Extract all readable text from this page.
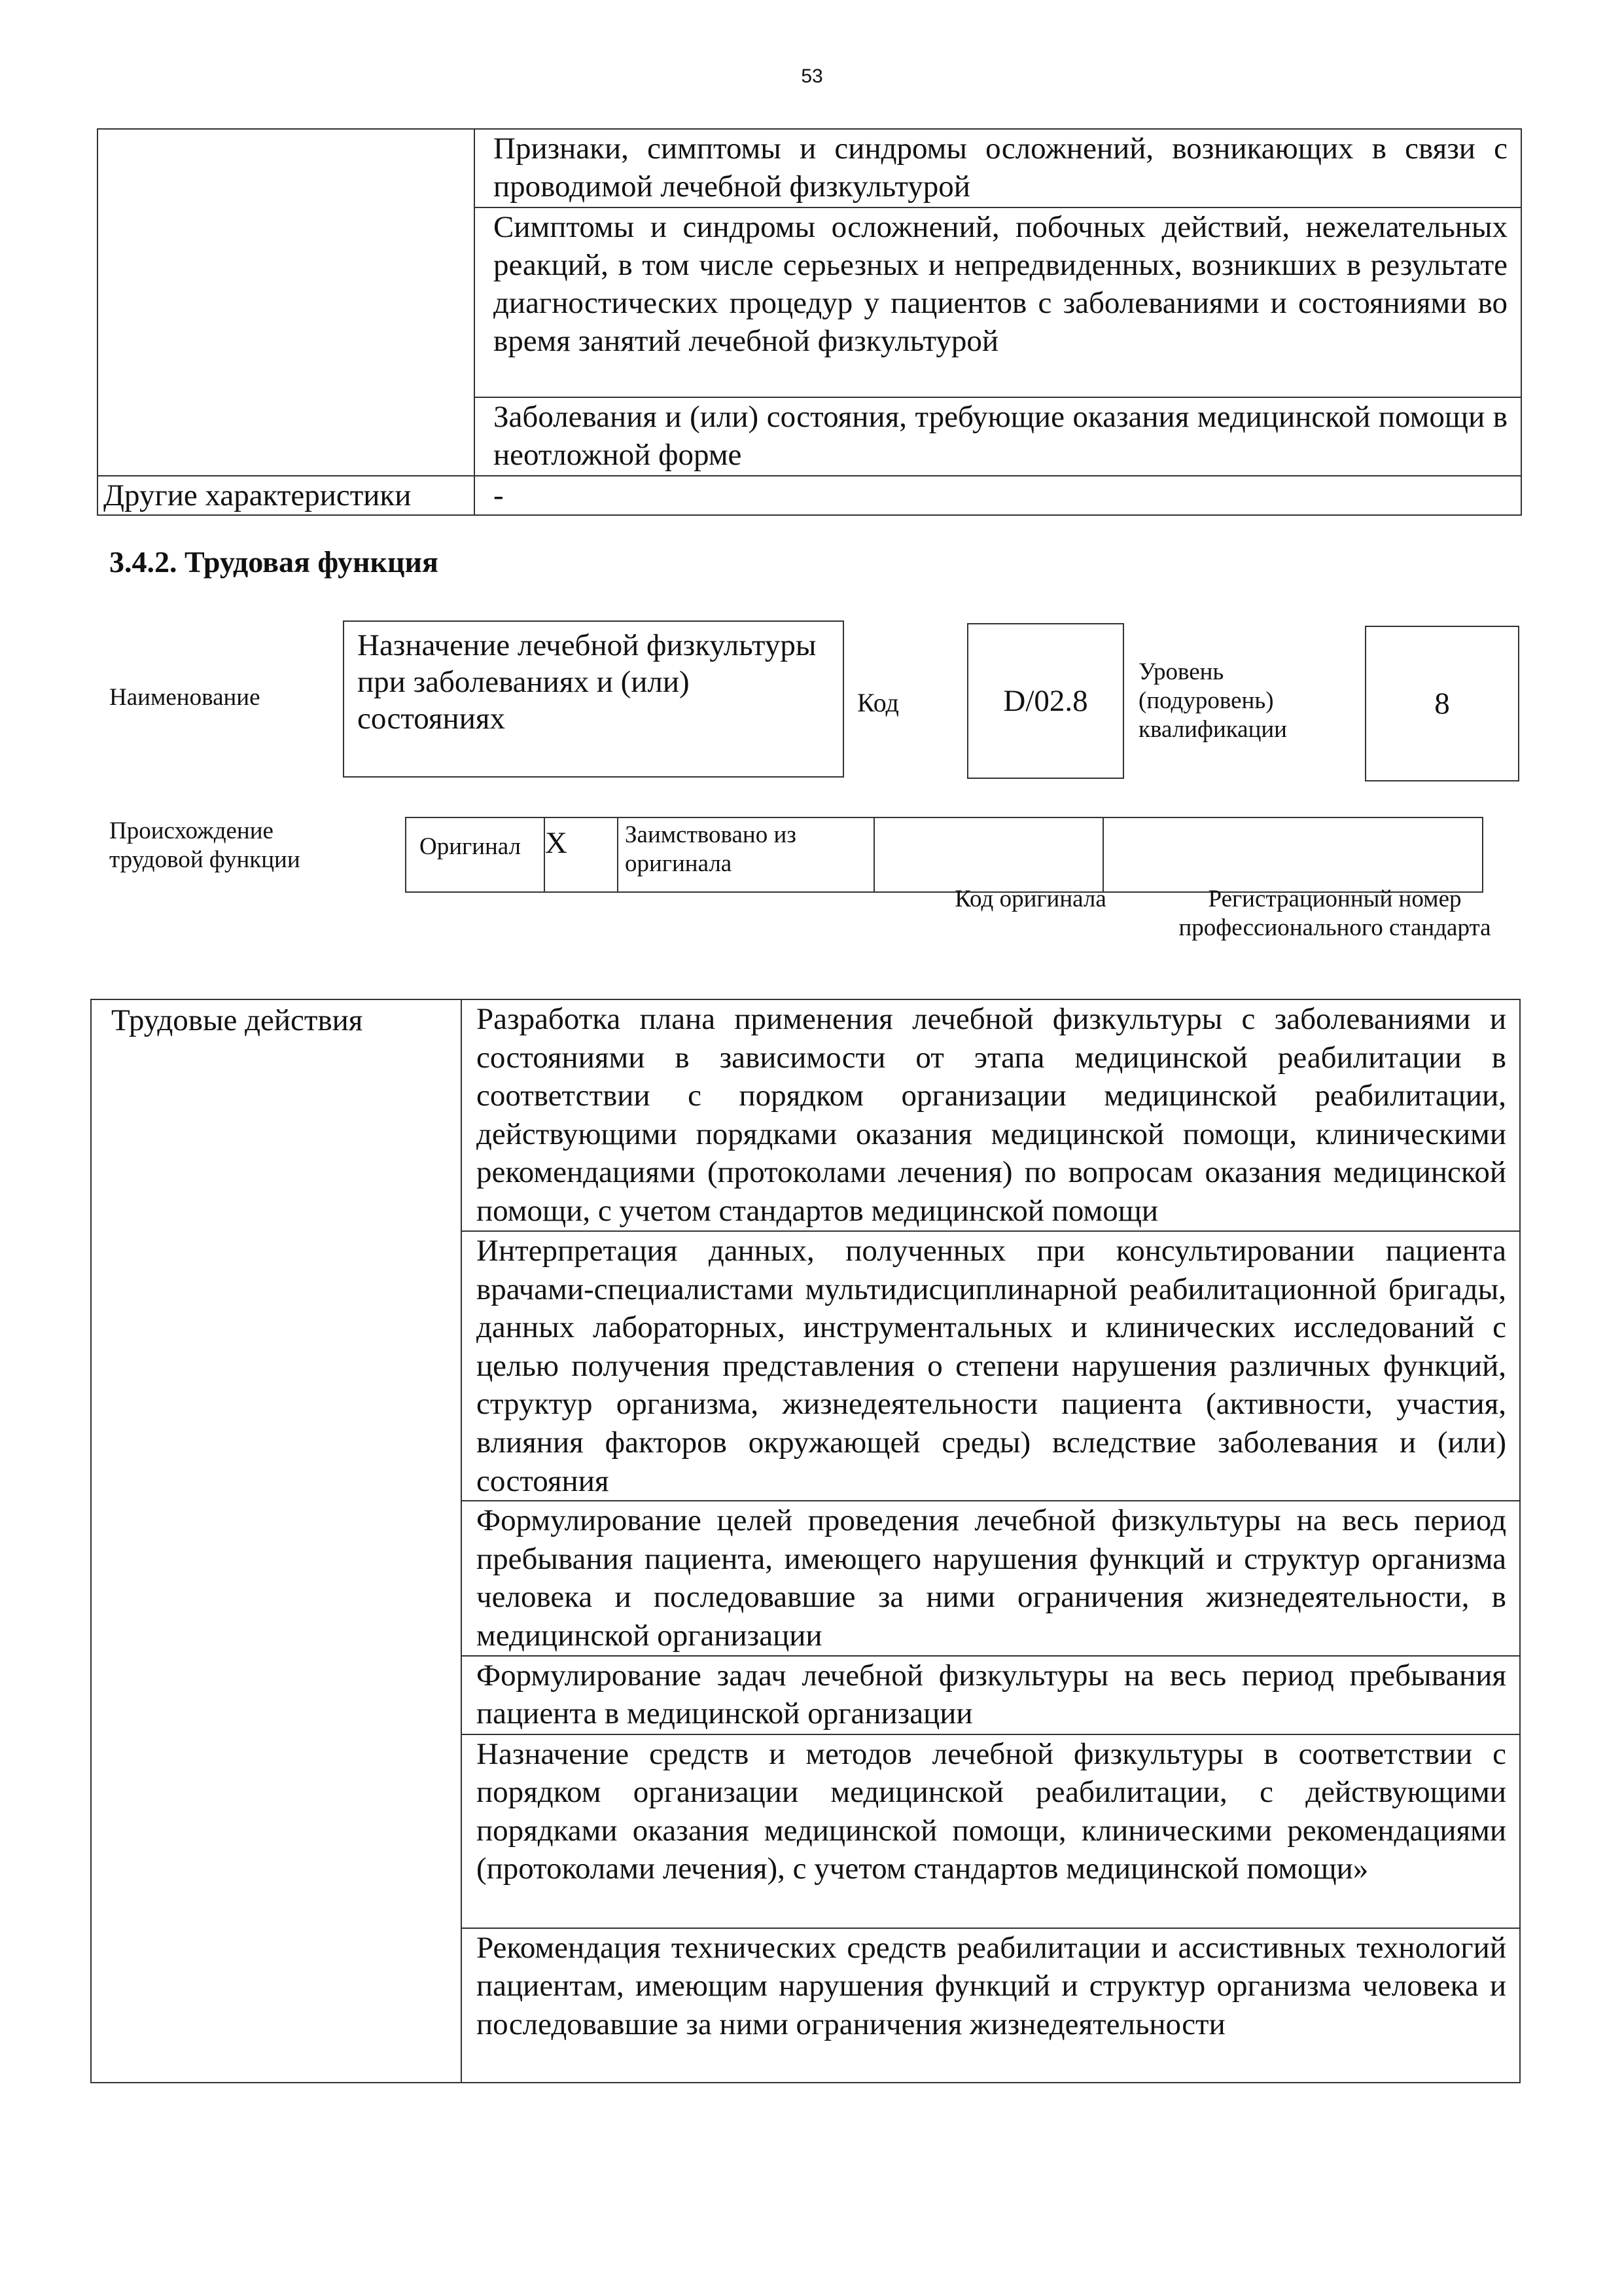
53
	Признаки, симптомы и синдромы осложнений, возникающих в связи с проводимой лечебной физкультурой
	Симптомы и синдромы осложнений, побочных действий, нежелательных реакций, в том числе серьезных и непредвиденных, возникших в результате диагностических процедур у пациентов с заболеваниями и состояниями во время занятий лечебной физкультурой
	Заболевания и (или) состояния, требующие оказания медицинской помощи в неотложной форме
Другие характеристики	-
3.4.2. Трудовая функция
Наименование
Назначение лечебной физкультуры при заболеваниях и (или) состояниях	Код	D/02.8
Уровень (подуровень) квалификации
8
Происхождение трудовой функции	Оригинал	X	Заимствовано из оригинала		
Код оригинала	Регистрационный номер профессионального стандарта
Трудовые действия	Разработка плана применения лечебной физкультуры с заболеваниями и состояниями в зависимости от этапа медицинской реабилитации в соответствии с порядком организации медицинской реабилитации, действующими порядками оказания медицинской помощи, клиническими рекомендациями (протоколами лечения) по вопросам оказания медицинской помощи, с учетом стандартов медицинской помощи
Интерпретация данных, полученных при консультировании пациента врачами-специалистами мультидисциплинарной реабилитационной бригады, данных лабораторных, инструментальных и клинических исследований с целью получения представления о степени нарушения различных функций, структур организма, жизнедеятельности пациента (активности, участия, влияния факторов окружающей среды) вследствие заболевания и (или) состояния
Формулирование целей проведения лечебной физкультуры на весь период пребывания пациента, имеющего нарушения функций и структур организма человека и последовавшие за ними ограничения жизнедеятельности, в медицинской организации
Формулирование задач лечебной физкультуры на весь период пребывания пациента в медицинской организации
Назначение средств и методов лечебной физкультуры в соответствии с порядком организации медицинской реабилитации, с действующими порядками оказания медицинской помощи, клиническими рекомендациями (протоколами лечения), с учетом стандартов медицинской помощи»
Рекомендация технических средств реабилитации и ассистивных технологий пациентам, имеющим нарушения функций и структур организма человека и последовавшие за ними ограничения жизнедеятельности
